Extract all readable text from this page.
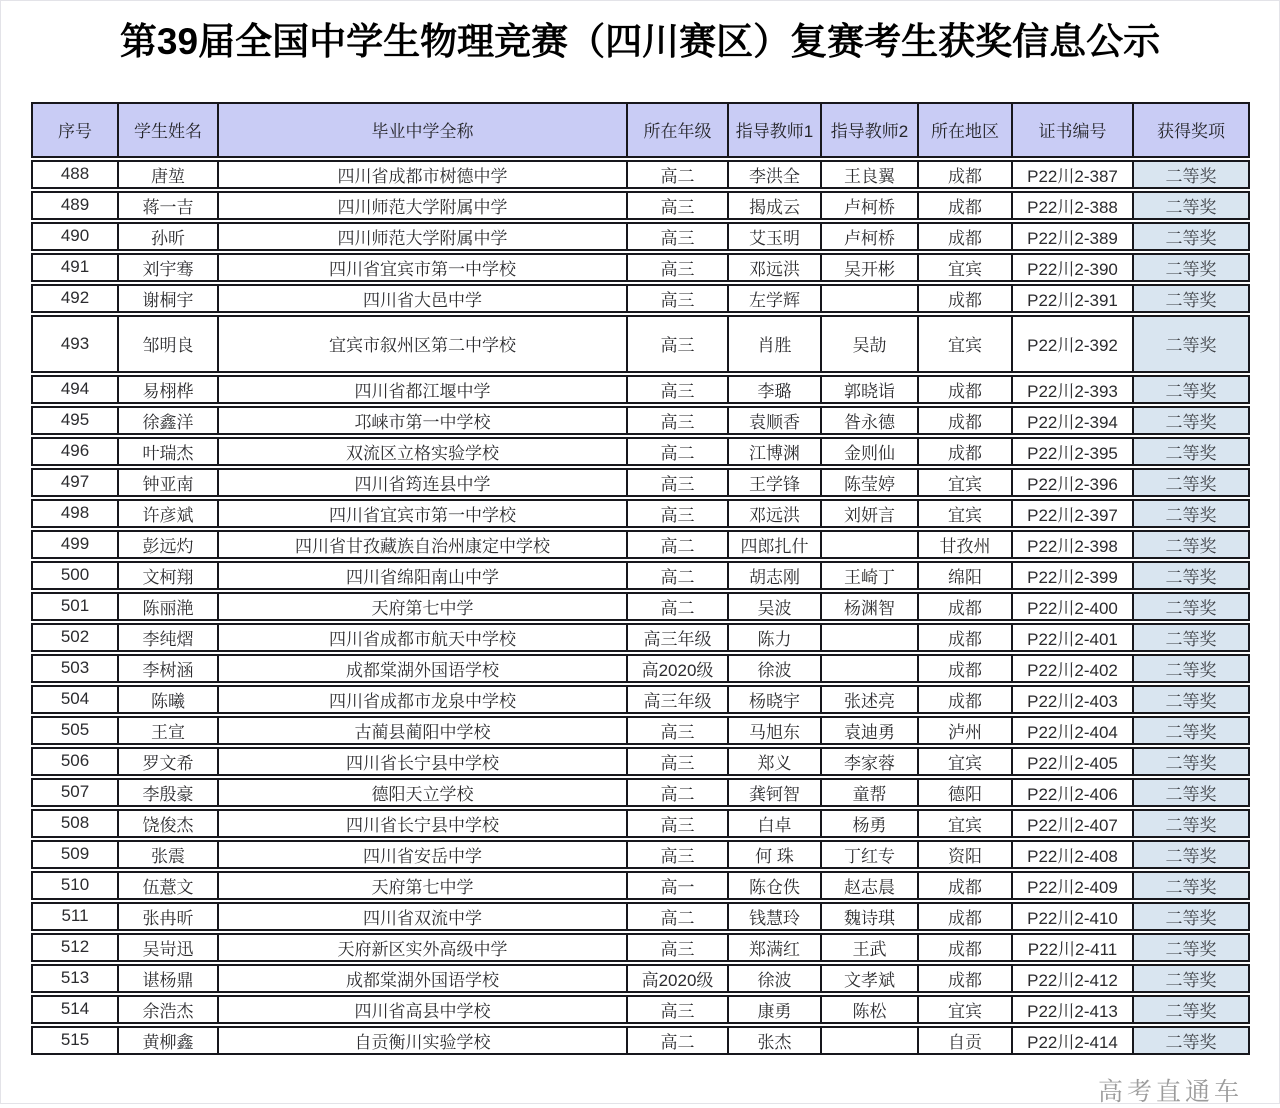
第39届全国中学生物理竞赛（四川赛区）复赛考生获奖信息公示
序号	学生姓名	毕业中学全称	所在年级	指导教师1	指导教师2	所在地区	证书编号	获得奖项
488	唐堃	四川省成都市树德中学	高二	李洪全	王良翼	成都	P22川2-387	二等奖
489	蒋一吉	四川师范大学附属中学	高三	揭成云	卢柯桥	成都	P22川2-388	二等奖
490	孙昕	四川师范大学附属中学	高三	艾玉明	卢柯桥	成都	P22川2-389	二等奖
491	刘宇骞	四川省宜宾市第一中学校	高三	邓远洪	吴开彬	宜宾	P22川2-390	二等奖
492	谢桐宇	四川省大邑中学	高三	左学辉		成都	P22川2-391	二等奖
493	邹明良	宜宾市叙州区第二中学校	高三	肖胜	吴劼	宜宾	P22川2-392	二等奖
494	易栩桦	四川省都江堰中学	高三	李璐	郭晓诣	成都	P22川2-393	二等奖
495	徐鑫洋	邛崃市第一中学校	高三	袁顺香	昝永德	成都	P22川2-394	二等奖
496	叶瑞杰	双流区立格实验学校	高二	江博渊	金则仙	成都	P22川2-395	二等奖
497	钟亚南	四川省筠连县中学	高三	王学锋	陈莹婷	宜宾	P22川2-396	二等奖
498	许彦斌	四川省宜宾市第一中学校	高三	邓远洪	刘妍言	宜宾	P22川2-397	二等奖
499	彭远灼	四川省甘孜藏族自治州康定中学校	高二	四郎扎什		甘孜州	P22川2-398	二等奖
500	文柯翔	四川省绵阳南山中学	高二	胡志刚	王崎丁	绵阳	P22川2-399	二等奖
501	陈丽滟	天府第七中学	高二	吴波	杨渊智	成都	P22川2-400	二等奖
502	李纯熠	四川省成都市航天中学校	高三年级	陈力		成都	P22川2-401	二等奖
503	李树涵	成都棠湖外国语学校	高2020级	徐波		成都	P22川2-402	二等奖
504	陈曦	四川省成都市龙泉中学校	高三年级	杨晓宇	张述亮	成都	P22川2-403	二等奖
505	王宣	古蔺县蔺阳中学校	高三	马旭东	袁迪勇	泸州	P22川2-404	二等奖
506	罗文希	四川省长宁县中学校	高三	郑义	李家蓉	宜宾	P22川2-405	二等奖
507	李殷豪	德阳天立学校	高二	龚钶智	童帮	德阳	P22川2-406	二等奖
508	饶俊杰	四川省长宁县中学校	高三	白卓	杨勇	宜宾	P22川2-407	二等奖
509	张震	四川省安岳中学	高三	何 珠	丁红专	资阳	P22川2-408	二等奖
510	伍薏文	天府第七中学	高一	陈仓佚	赵志晨	成都	P22川2-409	二等奖
511	张冉昕	四川省双流中学	高二	钱慧玲	魏诗琪	成都	P22川2-410	二等奖
512	吴岢迅	天府新区实外高级中学	高三	郑满红	王武	成都	P22川2-411	二等奖
513	谌杨鼎	成都棠湖外国语学校	高2020级	徐波	文孝斌	成都	P22川2-412	二等奖
514	余浩杰	四川省高县中学校	高三	康勇	陈松	宜宾	P22川2-413	二等奖
515	黄柳鑫	自贡衡川实验学校	高二	张杰		自贡	P22川2-414	二等奖
高考直通车
